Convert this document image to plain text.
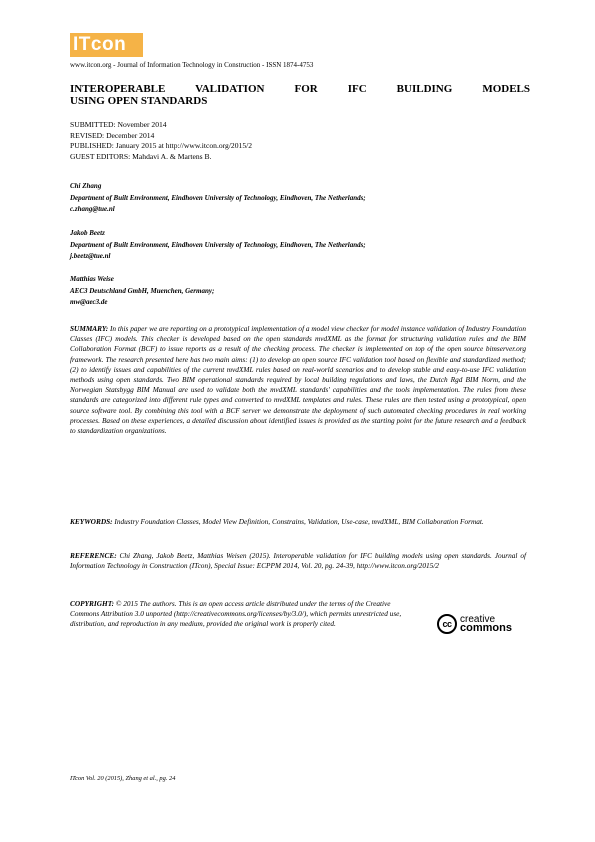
IT con
www.itcon.org - Journal of Information Technology in Construction - ISSN 1874-4753
INTEROPERABLE VALIDATION FOR IFC BUILDING MODELS
USING OPEN STANDARDS
SUBMITTED: November 2014
REVISED: December 2014
PUBLISHED: January 2015 at http://www.itcon.org/2015/2
GUEST EDITORS: Mahdavi A. & Martens B.
Chi Zhang
Department of Built Environment, Eindhoven University of Technology, Eindhoven, The Netherlands;
c.zhang@tue.nl
Jakob Beetz
Department of Built Environment, Eindhoven University of Technology, Eindhoven, The Netherlands;
j.beetz@tue.nl
Matthias Weise
AEC3 Deutschland GmbH, Muenchen, Germany;
mw@aec3.de
SUMMARY: In this paper we are reporting on a prototypical implementation of a model view checker for model instance validation of Industry Foundation Classes (IFC) models. This checker is developed based on the open standards mvdXML as the format for structuring validation rules and the BIM Collaboration Format (BCF) to issue reports as a result of the checking process. The checker is implemented on top of the open source bimserver.org framework. The research presented here has two main aims: (1) to develop an open source IFC validation tool based on flexible and standardized method; (2) to identify issues and capabilities of the current mvdXML rules based on real-world scenarios and to develop stable and easy-to-use IFC validation methods using open standards. Two BIM operational standards required by local building regulations and laws, the Dutch Rgd BIM Norm, and the Norwegian Statsbygg BIM Manual are used to validate both the mvdXML standards' capabilities and the tools implementation. The rules from these standards are categorized into different rule types and converted to mvdXML templates and rules. These rules are then tested using a prototypical, open source software tool. By combining this tool with a BCF server we demonstrate the deployment of such automated checking procedures in real working processes. Based on these experiences, a detailed discussion about identified issues is provided as the starting point for the future research and a feedback to standardization organizations.
KEYWORDS: Industry Foundation Classes, Model View Definition, Constrains, Validation, Use-case, mvdXML, BIM Collaboration Format.
REFERENCE: Chi Zhang, Jakob Beetz, Matthias Weisen (2015). Interoperable validation for IFC building models using open standards. Journal of Information Technology in Construction (ITcon), Special Issue: ECPPM 2014, Vol. 20, pg. 24-39, http://www.itcon.org/2015/2
COPYRIGHT: © 2015 The authors. This is an open access article distributed under the terms of the Creative Commons Attribution 3.0 unported (http://creativecommons.org/licenses/by/3.0/), which permits unrestricted use, distribution, and reproduction in any medium, provided the original work is properly cited.	cc creative
commons
ITcon Vol. 20 (2015), Zhang et al., pg. 24
